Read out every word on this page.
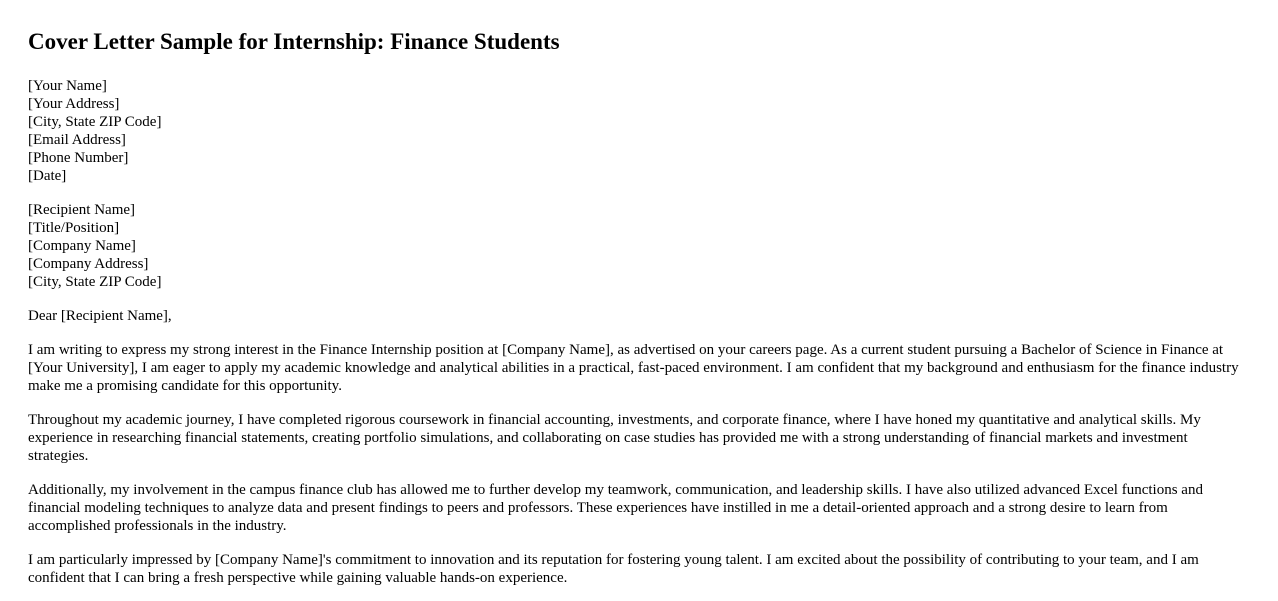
Cover Letter Sample for Internship: Finance Students
[Your Name]
[Your Address]
[City, State ZIP Code]
[Email Address]
[Phone Number]
[Date]
[Recipient Name]
[Title/Position]
[Company Name]
[Company Address]
[City, State ZIP Code]

Dear [Recipient Name],

I am writing to express my strong interest in the Finance Internship position at [Company Name], as advertised on your careers page. As a current student pursuing a Bachelor of Science in Finance at [Your University], I am eager to apply my academic knowledge and analytical abilities in a practical, fast-paced environment. I am confident that my background and enthusiasm for the finance industry make me a promising candidate for this opportunity.

Throughout my academic journey, I have completed rigorous coursework in financial accounting, investments, and corporate finance, where I have honed my quantitative and analytical skills. My experience in researching financial statements, creating portfolio simulations, and collaborating on case studies has provided me with a strong understanding of financial markets and investment strategies.

Additionally, my involvement in the campus finance club has allowed me to further develop my teamwork, communication, and leadership skills. I have also utilized advanced Excel functions and financial modeling techniques to analyze data and present findings to peers and professors. These experiences have instilled in me a detail-oriented approach and a strong desire to learn from accomplished professionals in the industry.

I am particularly impressed by [Company Name]'s commitment to innovation and its reputation for fostering young talent. I am excited about the possibility of contributing to your team, and I am confident that I can bring a fresh perspective while gaining valuable hands-on experience.
